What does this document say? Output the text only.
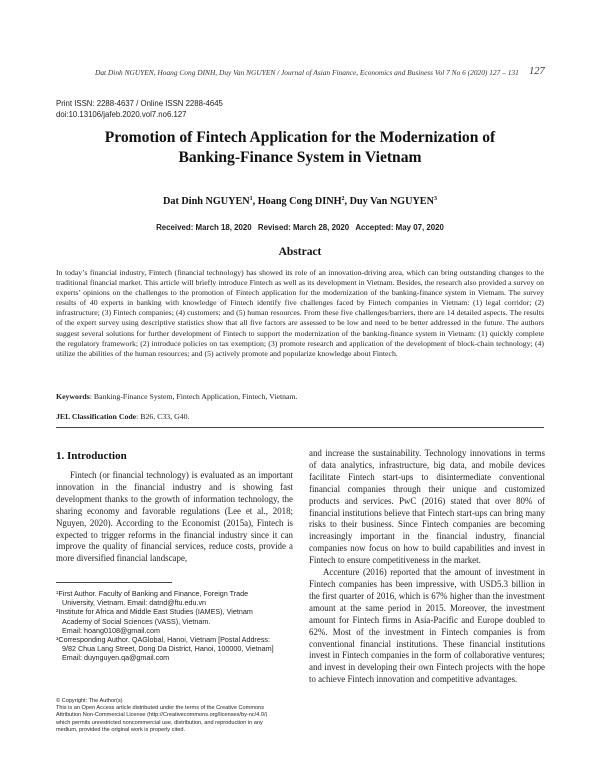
Dat Dinh NGUYEN, Hoang Cong DINH, Duy Van NGUYEN / Journal of Asian Finance, Economics and Business Vol 7 No 6 (2020) 127 – 131 127
Print ISSN: 2288-4637 / Online ISSN 2288-4645
doi:10.13106/jafeb.2020.vol7.no6.127
Promotion of Fintech Application for the Modernization of
Banking-Finance System in Vietnam
Dat Dinh NGUYEN$^1$, Hoang Cong DINH$^2$, Duy Van NGUYEN$^3$
Received: March 18, 2020 Revised: March 28, 2020 Accepted: May 07, 2020
Abstract
In today’s financial industry, Fintech (financial technology) has showed its role of an innovation-driving area, which can bring outstanding changes to the traditional financial market. This article will briefly introduce Fintech as well as its development in Vietnam. Besides, the research also provided a survey on experts’ opinions on the challenges to the promotion of Fintech application for the modernization of the banking-finance system in Vietnam. The survey results of 40 experts in banking with knowledge of Fintech identify five challenges faced by Fintech companies in Vietnam: (1) legal corridor; (2) infrastructure; (3) Fintech companies; (4) customers; and (5) human resources. From these five challenges/barriers, there are 14 detailed aspects. The results of the expert survey using descriptive statistics show that all five factors are assessed to be low and need to be better addressed in the future. The authors suggest several solutions for further development of Fintech to support the modernization of the banking-finance system in Vietnam: (1) quickly complete the regulatory framework; (2) introduce policies on tax exemption; (3) promote research and application of the development of block-chain technology; (4) utilize the abilities of the human resources; and (5) actively promote and popularize knowledge about Fintech.
Keywords: Banking-Finance System, Fintech Application, Fintech, Vietnam.
JEL Classification Code: B26, C33, G40.
1. Introduction

Fintech (or financial technology) is evaluated as an important innovation in the financial industry and is showing fast development thanks to the growth of information technology, the sharing economy and favorable regulations (Lee et al., 2018; Nguyen, 2020). According to the Economist (2015a), Fintech is expected to trigger reforms in the financial industry since it can improve the quality of financial services, reduce costs, provide a more diversified financial landscape,

and increase the sustainability. Technology innovations in terms of data analytics, infrastructure, big data, and mobile devices facilitate Fintech start-ups to disintermediate conventional financial companies through their unique and customized products and services. PwC (2016) stated that over 80% of financial institutions believe that Fintech start-ups can bring many risks to their business. Since Fintech companies are becoming increasingly important in the financial industry, financial companies now focus on how to build capabilities and invest in Fintech to ensure competitiveness in the market.

Accenture (2016) reported that the amount of investment in Fintech companies has been impressive, with USD5.3 billion in the first quarter of 2016, which is 67% higher than the investment amount at the same period in 2015. Moreover, the investment amount for Fintech firms in Asia-Pacific and Europe doubled to 62%. Most of the investment in Fintech companies is from conventional financial institutions. These financial institutions invest in Fintech companies in the form of collaborative ventures; and invest in developing their own Fintech projects with the hope to achieve Fintech innovation and competitive advantages.

¹First Author. Faculty of Banking and Finance, Foreign Trade
University, Vietnam. Email: datnd@ftu.edu.vn
²Institute for Africa and Middle East Studies (IAMES), Vietnam
Academy of Social Sciences (VASS), Vietnam.
Email: hoang0108@gmail.com
³Corresponding Author. QAGlobal, Hanoi, Vietnam [Postal Address:
9/82 Chua Lang Street, Dong Da District, Hanoi, 100000, Vietnam]
Email: duynguyen.qa@gmail.com
© Copyright: The Author(s)
This is an Open Access article distributed under the terms of the Creative Commons
Attribution Non-Commercial License (http://Creativecommons.org/licenses/by-nc/4.0/)
which permits unrestricted noncommercial use, distribution, and reproduction in any
medium, provided the original work is properly cited.
